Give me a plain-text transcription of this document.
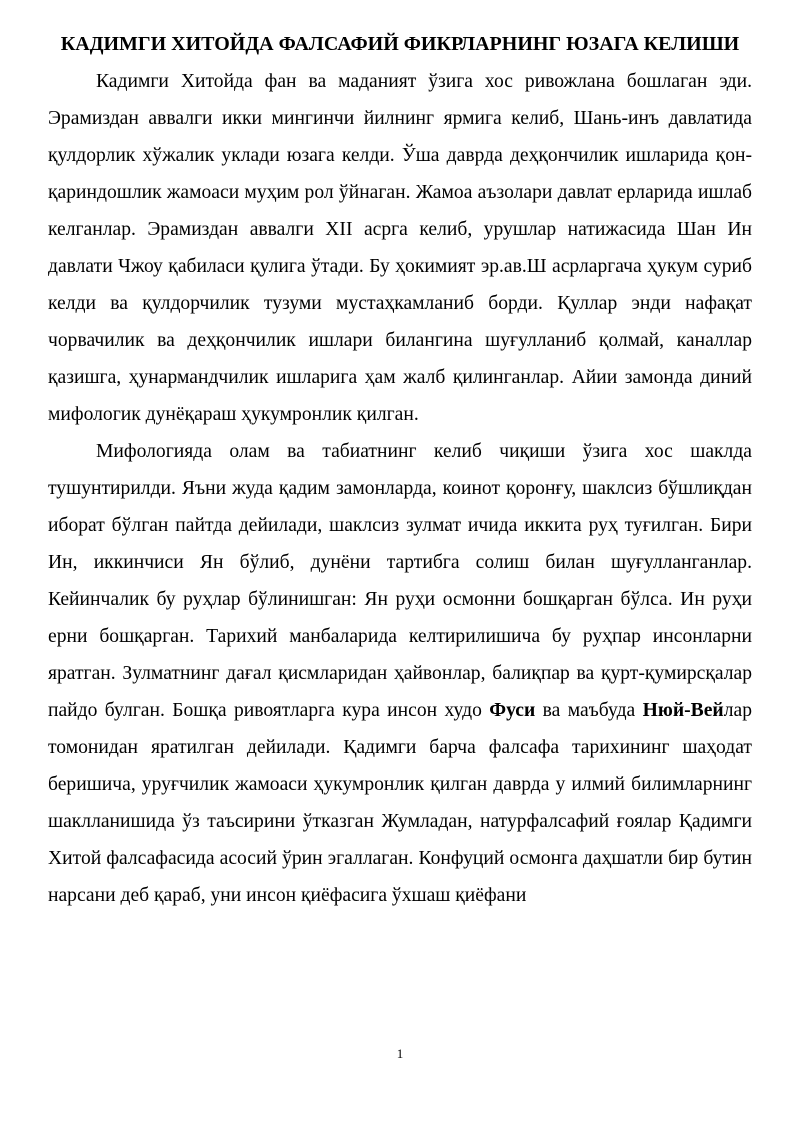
КАДИМГИ ХИТОЙДА ФАЛСАФИЙ ФИКРЛАРНИНГ ЮЗАГА КЕЛИШИ

Кадимги Хитойда фан ва маданият ўзига хос ривожлана бошлаган эди. Эрамиздан аввалги икки мингинчи йилнинг ярмига келиб, Шань-инъ давлатида қулдорлик хўжалик уклади юзага келди. Ўша даврда деҳқончилик ишларида қон-қариндошлик жамоаси муҳим рол ўйнаган. Жамоа аъзолари давлат ерларида ишлаб келганлар. Эрамиздан аввалги XII асрга келиб, урушлар натижасида Шан Ин давлати Чжоу қабиласи қулига ўтади. Бу ҳокимият эр.ав.Ш асрлаpгача ҳукум суриб келди ва қулдорчилик тузуми мустаҳкамланиб борди. Қуллар энди нафақат чорвачилик ва деҳқончилик ишлари билангина шуғулланиб қолмай, каналлар қазишга, ҳунармандчилик ишларига ҳам жалб қилинганлар. Айии замонда диний мифологик дунёқараш ҳукумронлик қилган.

Мифологияда олам ва табиатнинг келиб чиқиши ўзига хос шаклда тушунтирилди. Яъни жуда қадим замонларда, коинот қоронғу, шаклсиз бўшлиқдан иборат бўлган пайтда дейилади, шаклсиз зулмат ичида иккита руҳ туғилган. Бири Ин, иккинчиси Ян бўлиб, дунёни тартибга солиш билан шуғулланганлар. Кейинчалик бу руҳлар бўлинишган: Ян руҳи осмонни бошқарган бўлса. Ин руҳи ерни бошқарган. Тарихий манбаларида келтирилишича бу руҳпар инсонларни яратган. Зулматнинг дағал қисмларидан ҳайвонлар, балиқпар ва қурт-қумирсқалар пайдо булган. Бошқа ривоятларга кура инсон худо Фуси ва маъбуда Нюй-Вейлар томонидан яратилган дейилади. Қадимги барча фалсафа тарихининг шаҳодат беришича, уруғчилик жамоаси ҳукумронлик қилган даврда у илмий билимларнинг шаклланишида ўз таъсирини ўтказган Жумладан, натурфалсафий ғоялар Қадимги Хитой фалсафасида асосий ўрин эгаллаган. Конфуций осмонга даҳшатли бир бутин нарсани деб қараб, уни инсон қиёфасига ўхшаш қиёфани

1
